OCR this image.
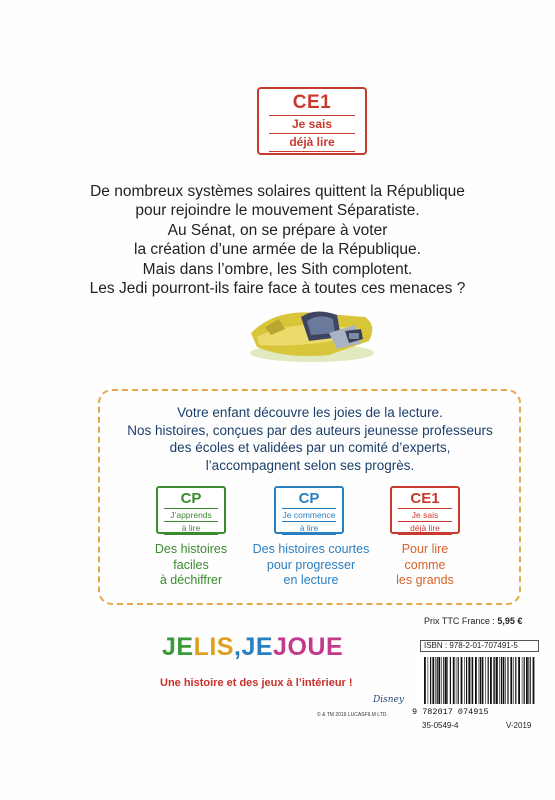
CE1
Je sais
déjà lire
De nombreux systèmes solaires quittent la République
pour rejoindre le mouvement Séparatiste.
Au Sénat, on se prépare à voter
la création d’une armée de la République.
Mais dans l’ombre, les Sith complotent.
Les Jedi pourront-ils faire face à toutes ces menaces ?
Votre enfant découvre les joies de la lecture.
Nos histoires, conçues par des auteurs jeunesse professeurs
des écoles et validées par un comité d’experts,
l’accompagnent selon ses progrès.
CP
J’apprends
à lire
CP
Je commence
à lire
CE1
Je sais
déjà lire
Des histoires
faciles
à déchiffrer
Des histoires courtes
pour progresser
en lecture
Pour lire
comme
les grands
JELIS,JEJOUE
Une histoire et des jeux à l’intérieur !
Disney
© & TM 2019 LUCASFILM LTD.
Prix TTC France : 5,95 €
ISBN : 978-2-01-707491-5
9 782017 074915
35-0549-4	V-2019
